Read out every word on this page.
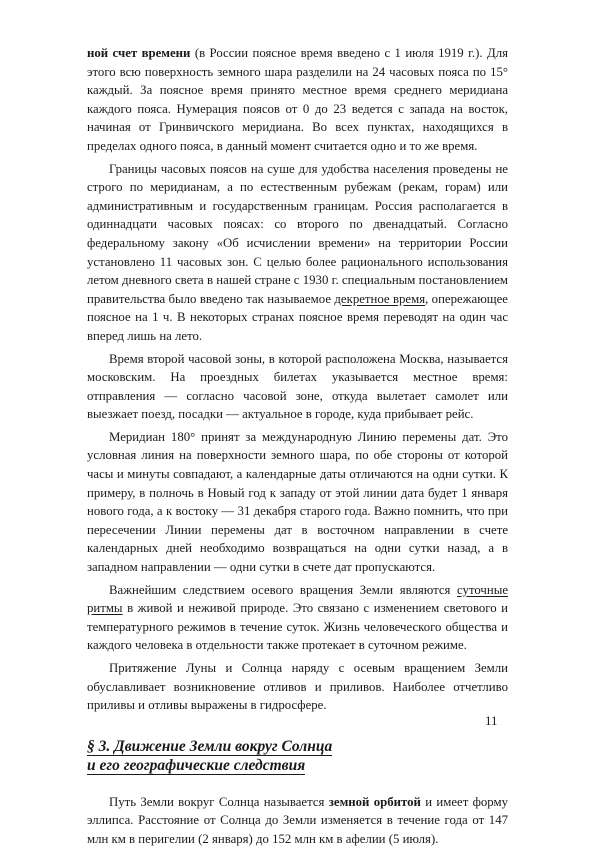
ной счет времени (в России поясное время введено с 1 июля 1919 г.). Для этого всю поверхность земного шара разделили на 24 часовых пояса по 15° каждый. За поясное время принято местное время среднего меридиана каждого пояса. Нумерация поясов от 0 до 23 ведется с запада на восток, начиная от Гринвичского меридиана. Во всех пунктах, находящихся в пределах одного пояса, в данный момент считается одно и то же время.

Границы часовых поясов на суше для удобства населения проведены не строго по меридианам, а по естественным рубежам (рекам, горам) или административным и государственным границам. Россия располагается в одиннадцати часовых поясах: со второго по двенадцатый. Согласно федеральному закону «Об исчислении времени» на территории России установлено 11 часовых зон. С целью более рационального использования летом дневного света в нашей стране с 1930 г. специальным постановлением правительства было введено так называемое декретное время, опережающее поясное на 1 ч. В некоторых странах поясное время переводят на один час вперед лишь на лето.

Время второй часовой зоны, в которой расположена Москва, называется московским. На проездных билетах указывается местное время: отправления — согласно часовой зоне, откуда вылетает самолет или выезжает поезд, посадки — актуальное в городе, куда прибывает рейс.

Меридиан 180° принят за международную Линию перемены дат. Это условная линия на поверхности земного шара, по обе стороны от которой часы и минуты совпадают, а календарные даты отличаются на одни сутки. К примеру, в полночь в Новый год к западу от этой линии дата будет 1 января нового года, а к востоку — 31 декабря старого года. Важно помнить, что при пересечении Линии перемены дат в восточном направлении в счете календарных дней необходимо возвращаться на одни сутки назад, а в западном направлении — одни сутки в счете дат пропускаются.

Важнейшим следствием осевого вращения Земли являются суточные ритмы в живой и неживой природе. Это связано с изменением светового и температурного режимов в течение суток. Жизнь человеческого общества и каждого человека в отдельности также протекает в суточном режиме.

Притяжение Луны и Солнца наряду с осевым вращением Земли обуславливает возникновение отливов и приливов. Наиболее отчетливо приливы и отливы выражены в гидросфере.

§ 3. Движение Земли вокруг Солнца
и его географические следствия

Путь Земли вокруг Солнца называется земной орбитой и имеет форму эллипса. Расстояние от Солнца до Земли изменяется в течение года от 147 млн км в перигелии (2 января) до 152 млн км в афелии (5 июля).

11
